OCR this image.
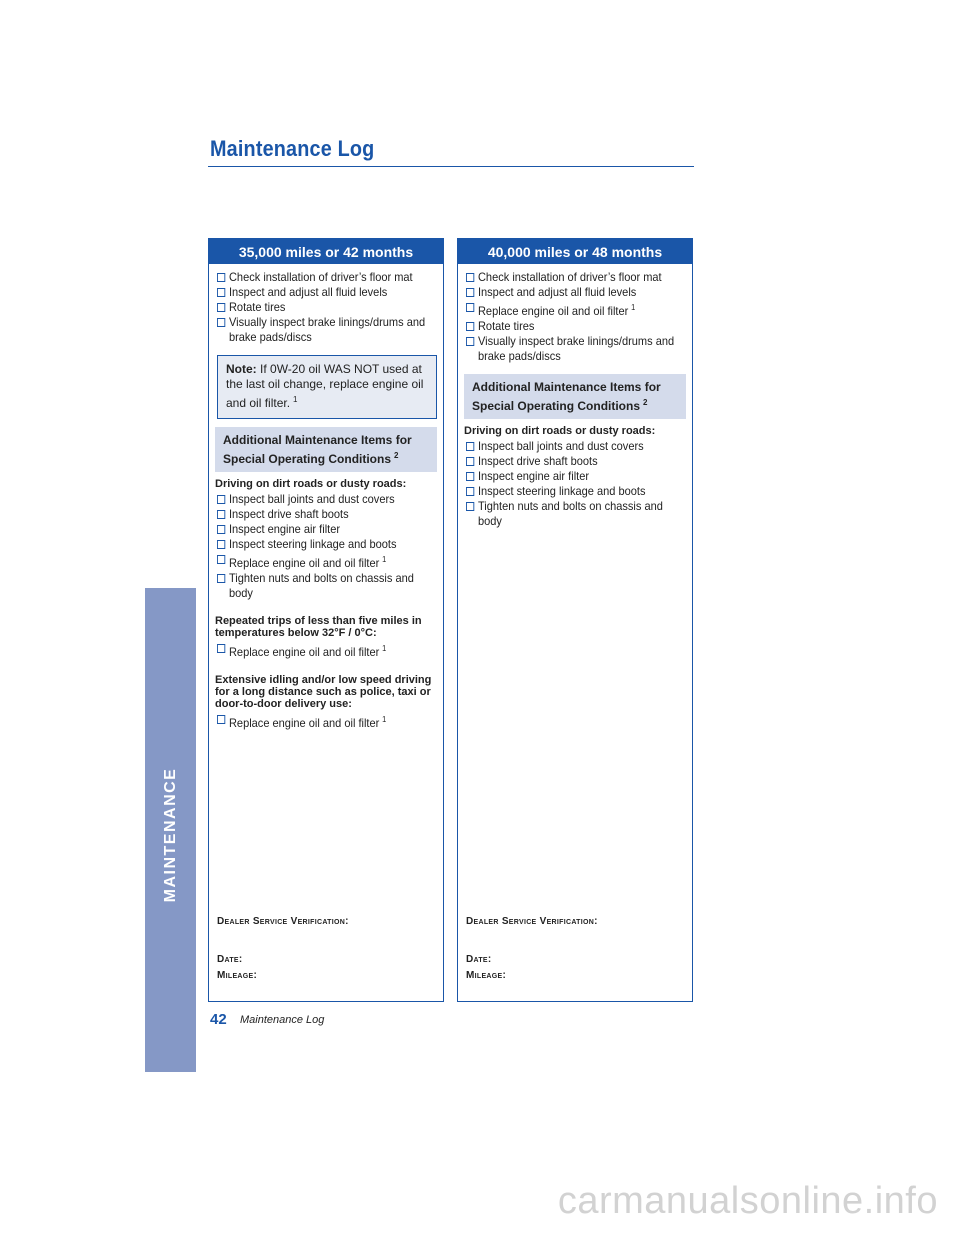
Maintenance Log
MAINTENANCE
35,000 miles or 42 months
Check installation of driver’s floor mat
Inspect and adjust all fluid levels
Rotate tires
Visually inspect brake linings/drums and brake pads/discs
Note: If 0W-20 oil WAS NOT used at the last oil change, replace engine oil and oil filter. $^1$
Additional Maintenance Items for Special Operating Conditions $^2$
Driving on dirt roads or dusty roads:
Inspect ball joints and dust covers
Inspect drive shaft boots
Inspect engine air filter
Inspect steering linkage and boots
Replace engine oil and oil filter $^1$
Tighten nuts and bolts on chassis and body
Repeated trips of less than five miles in temperatures below 32°F / 0°C:
Replace engine oil and oil filter $^1$
Extensive idling and/or low speed driving for a long distance such as police, taxi or door-to-door delivery use:
Replace engine oil and oil filter $^1$
Dealer Service Verification:
Date:
Mileage:
40,000 miles or 48 months
Check installation of driver’s floor mat
Inspect and adjust all fluid levels
Replace engine oil and oil filter $^1$
Rotate tires
Visually inspect brake linings/drums and brake pads/discs
Additional Maintenance Items for Special Operating Conditions $^2$
Driving on dirt roads or dusty roads:
Inspect ball joints and dust covers
Inspect drive shaft boots
Inspect engine air filter
Inspect steering linkage and boots
Tighten nuts and bolts on chassis and body
Dealer Service Verification:
Date:
Mileage:
42 Maintenance Log
carmanualsonline.info
